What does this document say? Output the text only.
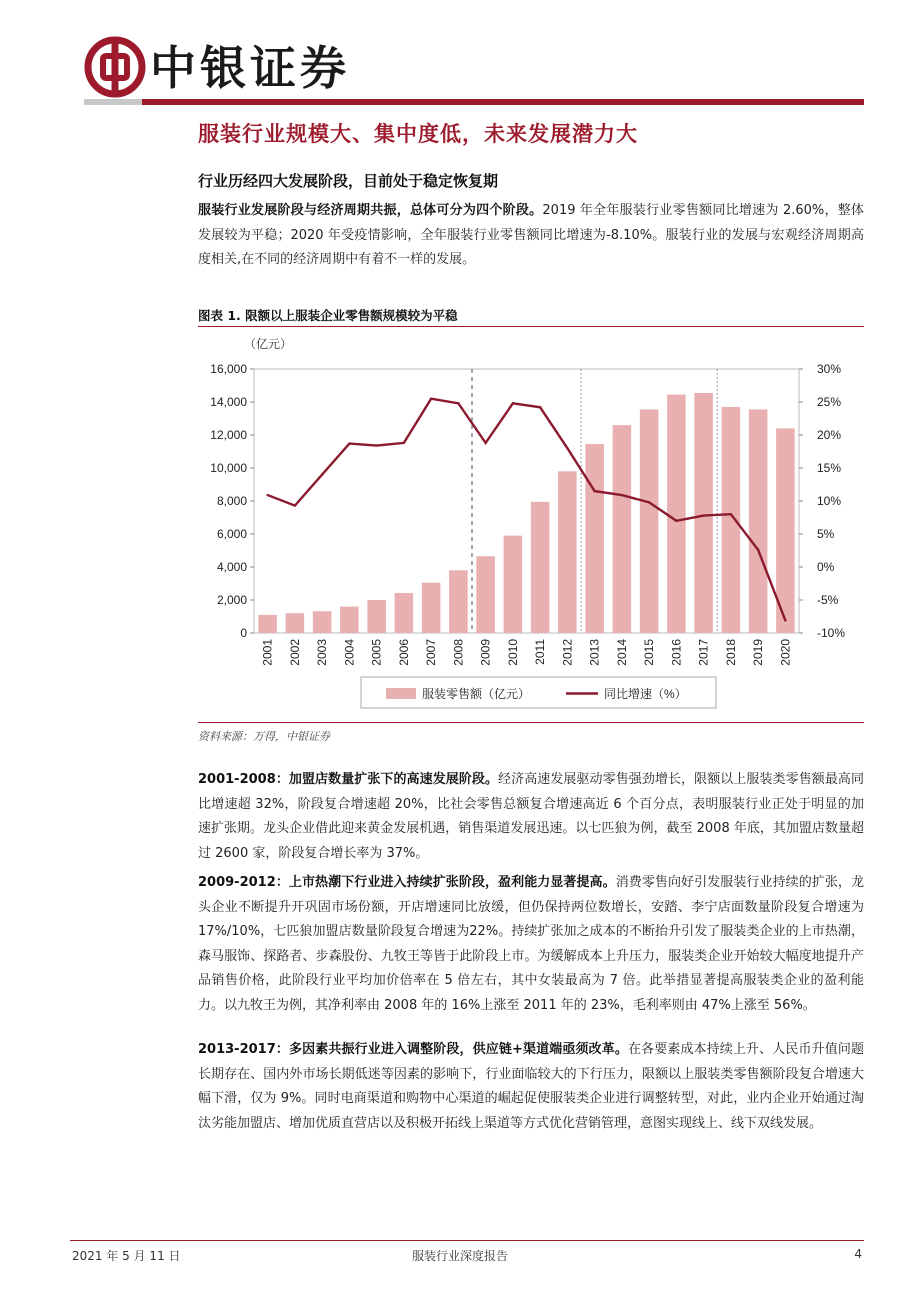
中银证券
服装行业规模大、集中度低，未来发展潜力大
行业历经四大发展阶段，目前处于稳定恢复期
服装行业发展阶段与经济周期共振，总体可分为四个阶段。2019 年全年服装行业零售额同比增速为 2.60%，整体发展较为平稳；2020 年受疫情影响，全年服装行业零售额同比增速为-8.10%。服装行业的发展与宏观经济周期高度相关,在不同的经济周期中有着不一样的发展。
图表 1. 限额以上服装企业零售额规模较为平稳
（亿元）
0
2,000
4,000
6,000
8,000
10,000
12,000
14,000
16,000
-10%
-5%
0%
5%
10%
15%
20%
25%
30%
2001 2002 2003 2004 2005 2006 2007 2008 2009 2010 2011 2012 2013 2014 2015 2016 2017 2018 2019 2020
服装零售额（亿元）	同比增速（%）
资料来源：万得，中银证券
2001-2008：加盟店数量扩张下的高速发展阶段。经济高速发展驱动零售强劲增长，限额以上服装类零售额最高同比增速超 32%，阶段复合增速超 20%，比社会零售总额复合增速高近 6 个百分点，表明服装行业正处于明显的加速扩张期。龙头企业借此迎来黄金发展机遇，销售渠道发展迅速。以七匹狼为例，截至 2008 年底，其加盟店数量超过 2600 家，阶段复合增长率为 37%。
2009-2012：上市热潮下行业进入持续扩张阶段，盈利能力显著提高。消费零售向好引发服装行业持续的扩张，龙头企业不断提升开巩固市场份额，开店增速同比放缓，但仍保持两位数增长，安踏、李宁店面数量阶段复合增速为17%/10%，七匹狼加盟店数量阶段复合增速为22%。持续扩张加之成本的不断抬升引发了服装类企业的上市热潮，森马服饰、探路者、步森股份、九牧王等皆于此阶段上市。为缓解成本上升压力，服装类企业开始较大幅度地提升产品销售价格，此阶段行业平均加价倍率在 5 倍左右，其中女装最高为 7 倍。此举措显著提高服装类企业的盈利能力。以九牧王为例，其净利率由 2008 年的 16%上涨至 2011 年的 23%，毛利率则由 47%上涨至 56%。
2013-2017：多因素共振行业进入调整阶段，供应链+渠道端亟须改革。在各要素成本持续上升、人民币升值问题长期存在、国内外市场长期低迷等因素的影响下，行业面临较大的下行压力，限额以上服装类零售额阶段复合增速大幅下滑，仅为 9%。同时电商渠道和购物中心渠道的崛起促使服装类企业进行调整转型，对此，业内企业开始通过淘汰劣能加盟店、增加优质直营店以及积极开拓线上渠道等方式优化营销管理，意图实现线上、线下双线发展。
2021 年 5 月 11 日	服装行业深度报告	4
